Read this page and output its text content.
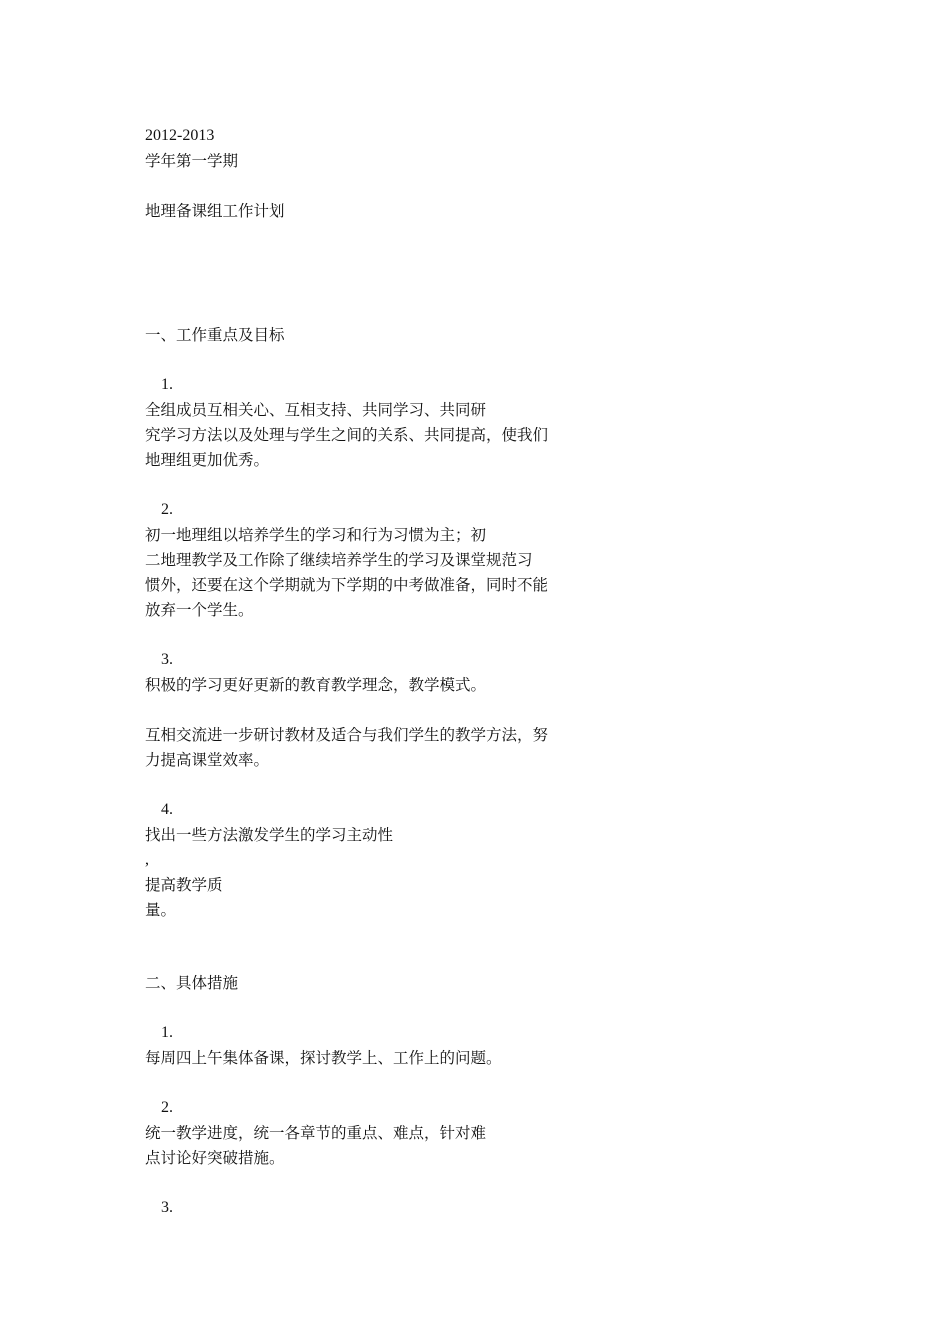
2012-2013
学年第一学期
地理备课组工作计划
一、工作重点及目标
1.
全组成员互相关心、互相支持、共同学习、共同研
究学习方法以及处理与学生之间的关系、共同提高，使我们
地理组更加优秀。
2.
初一地理组以培养学生的学习和行为习惯为主；初
二地理教学及工作除了继续培养学生的学习及课堂规范习
惯外，还要在这个学期就为下学期的中考做准备，同时不能
放弃一个学生。
3.
积极的学习更好更新的教育教学理念，教学模式。
互相交流进一步研讨教材及适合与我们学生的教学方法，努
力提高课堂效率。
4.
找出一些方法激发学生的学习主动性
,
提高教学质
量。
二、具体措施
1.
每周四上午集体备课，探讨教学上、工作上的问题。
2.
统一教学进度，统一各章节的重点、难点，针对难
点讨论好突破措施。
3.
